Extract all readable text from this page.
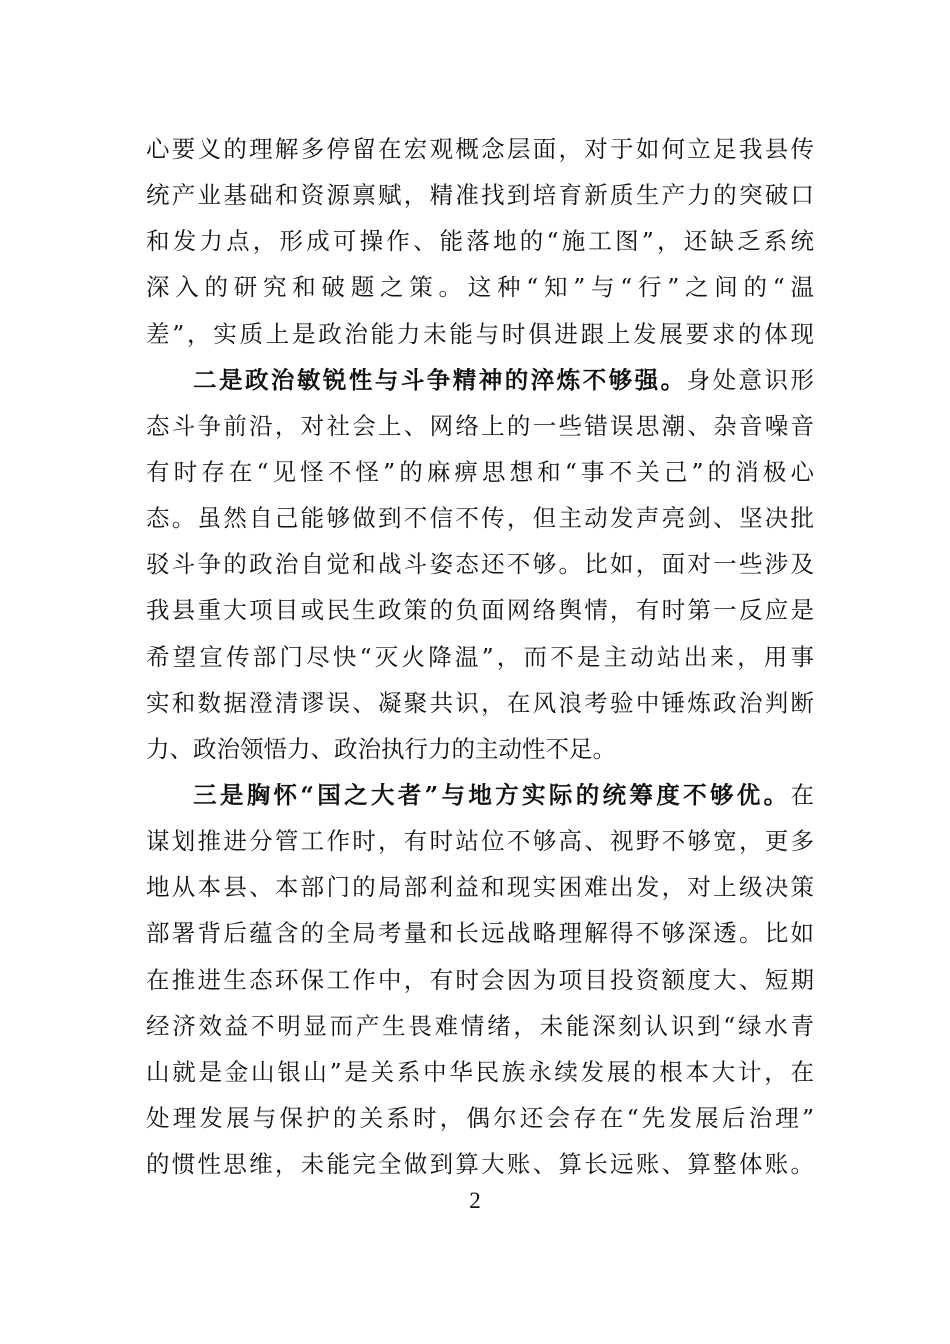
心要义的理解多停留在宏观概念层面，对于如何立足我县传
统产业基础和资源禀赋，精准找到培育新质生产力的突破口
和发力点，形成可操作、能落地的“施工图”，还缺乏系统
深入的研究和破题之策。这种“知”与“行”之间的“温
差”，实质上是政治能力未能与时俱进跟上发展要求的体现
二是政治敏锐性与斗争精神的淬炼不够强。身处意识形
态斗争前沿，对社会上、网络上的一些错误思潮、杂音噪音
有时存在“见怪不怪”的麻痹思想和“事不关己”的消极心
态。虽然自己能够做到不信不传，但主动发声亮剑、坚决批
驳斗争的政治自觉和战斗姿态还不够。比如，面对一些涉及
我县重大项目或民生政策的负面网络舆情，有时第一反应是
希望宣传部门尽快“灭火降温”，而不是主动站出来，用事
实和数据澄清谬误、凝聚共识，在风浪考验中锤炼政治判断
力、政治领悟力、政治执行力的主动性不足。
三是胸怀“国之大者”与地方实际的统筹度不够优。在
谋划推进分管工作时，有时站位不够高、视野不够宽，更多
地从本县、本部门的局部利益和现实困难出发，对上级决策
部署背后蕴含的全局考量和长远战略理解得不够深透。比如
在推进生态环保工作中，有时会因为项目投资额度大、短期
经济效益不明显而产生畏难情绪，未能深刻认识到“绿水青
山就是金山银山”是关系中华民族永续发展的根本大计，在
处理发展与保护的关系时，偶尔还会存在“先发展后治理”
的惯性思维，未能完全做到算大账、算长远账、算整体账。
2
